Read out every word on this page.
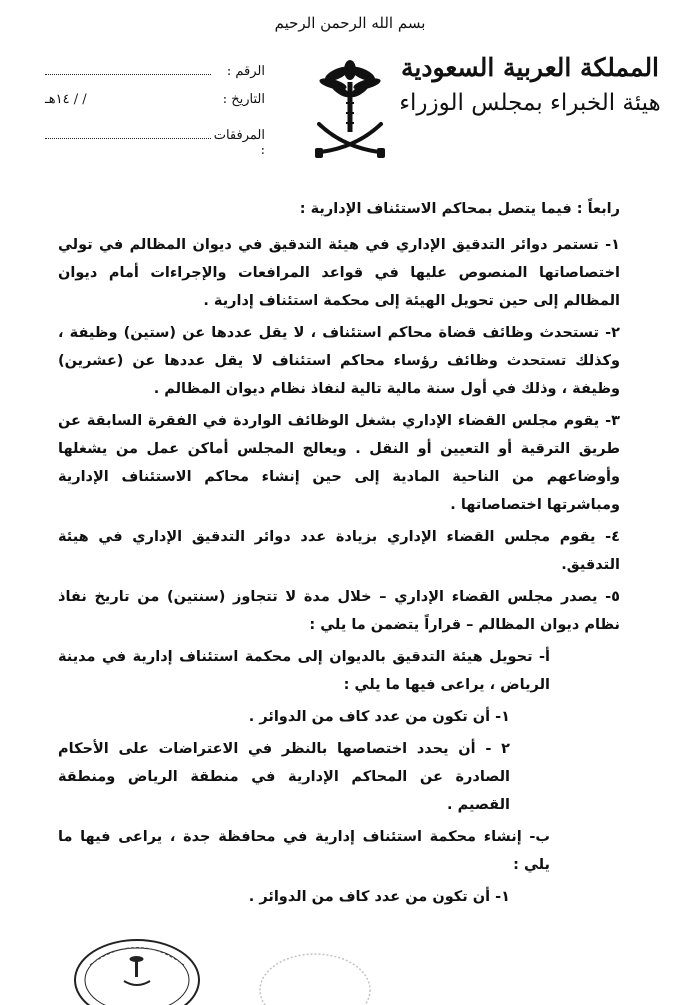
بسم الله الرحمن الرحيم
المملكة العربية السعودية
هيئة الخبراء بمجلس الوزراء
الرقم :
التاريخ :
/ / ١٤هـ
المرفقات :

رابعاً : فيما يتصل بمحاكم الاستئناف الإدارية :

١- تستمر دوائر التدقيق الإداري في هيئة التدقيق في ديوان المظالم في تولي اختصاصاتها المنصوص عليها في قواعد المرافعات والإجراءات أمام ديوان المظالم إلى حين تحويل الهيئة إلى محكمة استئناف إدارية .

٢- تستحدث وظائف قضاة محاكم استئناف ، لا يقل عددها عن (ستين) وظيفة ، وكذلك تستحدث وظائف رؤساء محاكم استئناف لا يقل عددها عن (عشرين) وظيفة ، وذلك في أول سنة مالية تالية لنفاذ نظام ديوان المظالم .

٣- يقوم مجلس القضاء الإداري بشغل الوظائف الواردة في الفقرة السابقة عن طريق الترقية أو التعيين أو النقل . ويعالج المجلس أماكن عمل من يشغلها وأوضاعهم من الناحية المادية إلى حين إنشاء محاكم الاستئناف الإدارية ومباشرتها اختصاصاتها .

٤- يقوم مجلس القضاء الإداري بزيادة عدد دوائر التدقيق الإداري في هيئة التدقيق.

٥- يصدر مجلس القضاء الإداري – خلال مدة لا تتجاوز (سنتين) من تاريخ نفاذ نظام ديوان المظالم – قراراً يتضمن ما يلي :

أ- تحويل هيئة التدقيق بالديوان إلى محكمة استئناف إدارية في مدينة الرياض ، يراعى فيها ما يلي :

١- أن تكون من عدد كاف من الدوائر .

٢ - أن يحدد اختصاصها بالنظر في الاعتراضات على الأحكام الصادرة عن المحاكم الإدارية في منطقة الرياض ومنطقة القصيم .

ب- إنشاء محكمة استئناف إدارية في محافظة جدة ، يراعى فيها ما يلي :

١- أن تكون من عدد كاف من الدوائر .
